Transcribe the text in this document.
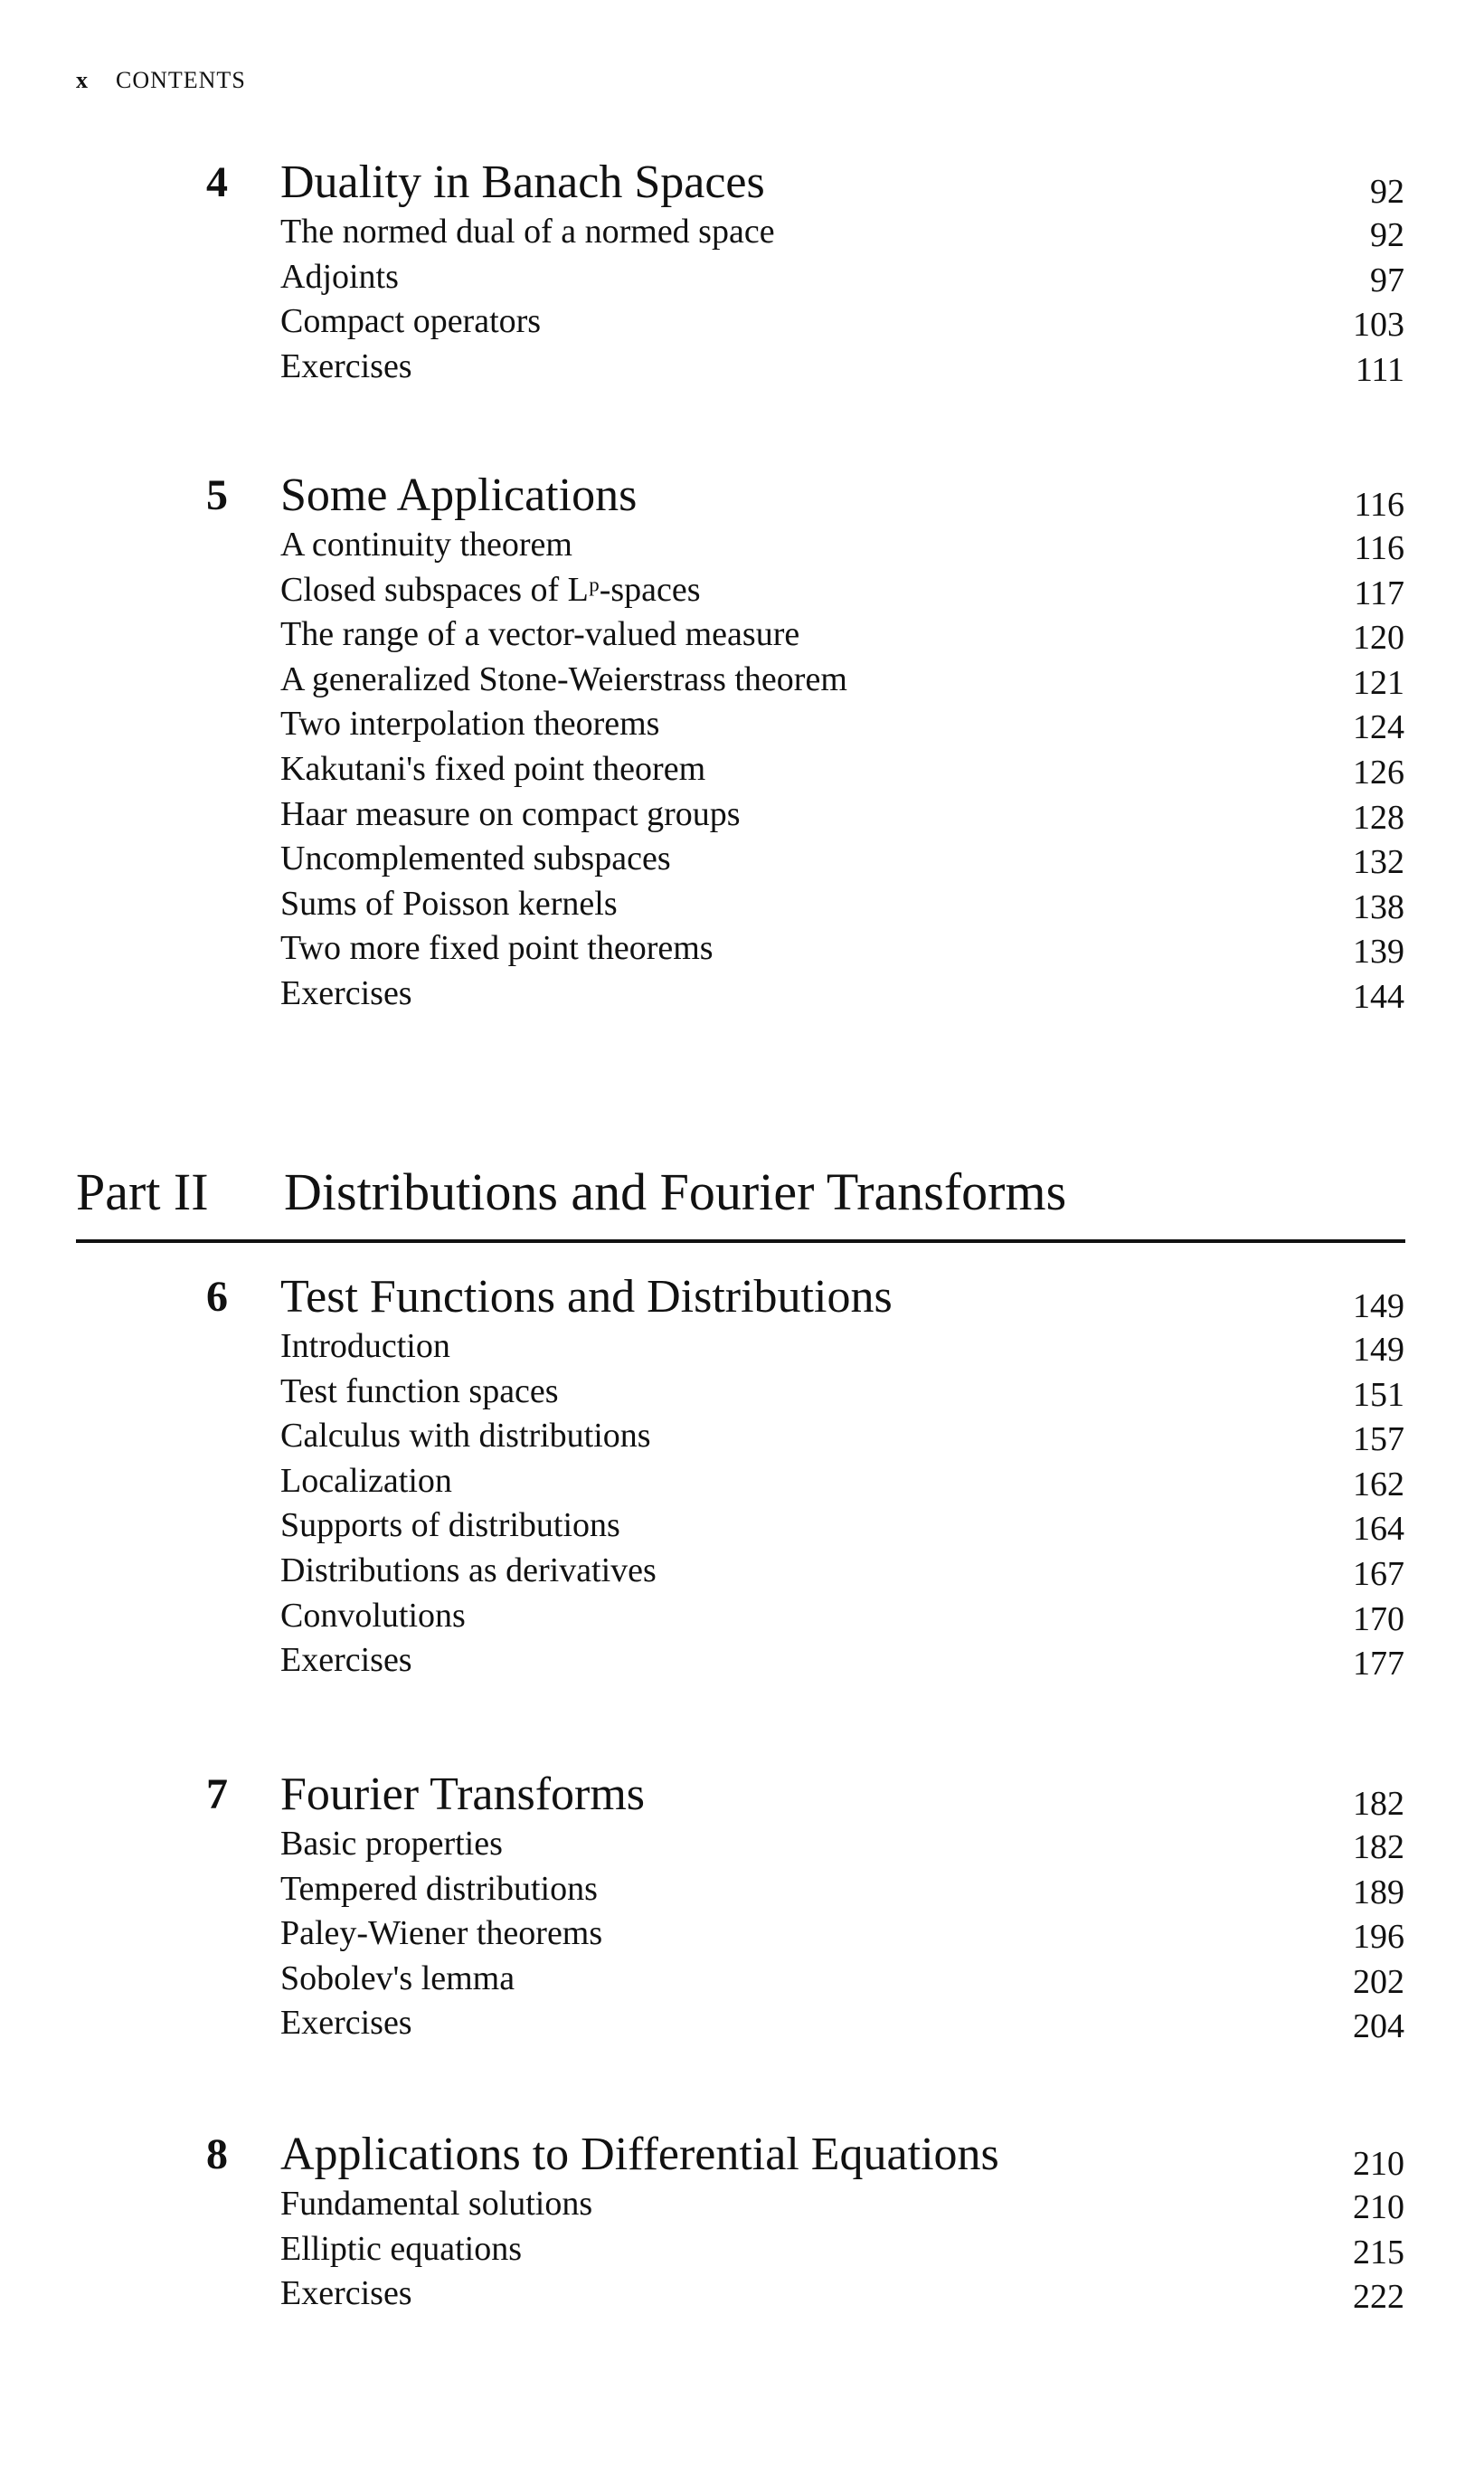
x CONTENTS
4 Duality in Banach Spaces	92
The normed dual of a normed space	92
Adjoints	97
Compact operators	103
Exercises	111
5 Some Applications	116
A continuity theorem	116
Closed subspaces of Lᵖ-spaces	117
The range of a vector-valued measure	120
A generalized Stone-Weierstrass theorem	121
Two interpolation theorems	124
Kakutani's fixed point theorem	126
Haar measure on compact groups	128
Uncomplemented subspaces	132
Sums of Poisson kernels	138
Two more fixed point theorems	139
Exercises	144
Part II Distributions and Fourier Transforms
6 Test Functions and Distributions	149
Introduction	149
Test function spaces	151
Calculus with distributions	157
Localization	162
Supports of distributions	164
Distributions as derivatives	167
Convolutions	170
Exercises	177
7 Fourier Transforms	182
Basic properties	182
Tempered distributions	189
Paley-Wiener theorems	196
Sobolev's lemma	202
Exercises	204
8 Applications to Differential Equations	210
Fundamental solutions	210
Elliptic equations	215
Exercises	222
